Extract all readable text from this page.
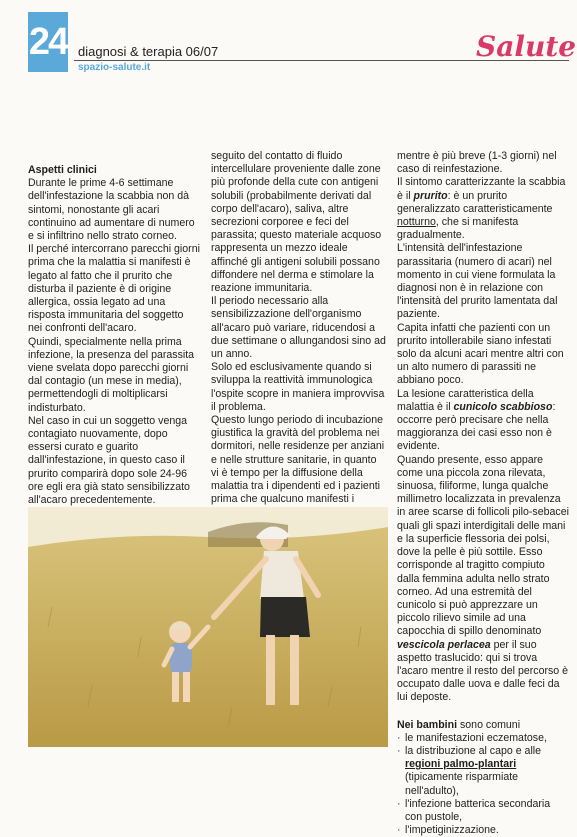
24 diagnosi & terapia 06/07
spazio-salute.it
Salute

Aspetti clinici

Durante le prime 4-6 settimane dell'infestazione la scabbia non dà sintomi, nonostante gli acari continuino ad aumentare di numero e si infiltrino nello strato corneo.

Il perché intercorrano parecchi giorni prima che la malattia si manifesti è legato al fatto che il prurito che disturba il paziente è di origine allergica, ossia legato ad una risposta immunitaria del soggetto nei confronti dell'acaro.

Quindi, specialmente nella prima infezione, la presenza del parassita viene svelata dopo parecchi giorni dal contagio (un mese in media), permettendogli di moltiplicarsi indisturbato.

Nel caso in cui un soggetto venga contagiato nuovamente, dopo essersi curato e guarito dall'infestazione, in questo caso il prurito comparirà dopo sole 24-96 ore egli era già stato sensibilizzato all'acaro precedentemente.

seguito del contatto di fluido intercellulare proveniente dalle zone più profonde della cute con antigeni solubili (probabilmente derivati dal corpo dell'acaro), saliva, altre secrezioni corporee e feci del parassita; questo materiale acquoso rappresenta un mezzo ideale affinché gli antigeni solubili possano diffondere nel derma e stimolare la reazione immunitaria.

Il periodo necessario alla sensibilizzazione dell'organismo all'acaro può variare, riducendosi a due settimane o allungandosi sino ad un anno.

Solo ed esclusivamente quando si sviluppa la reattività immunologica l'ospite scopre in maniera improvvisa il problema.

Questo lungo periodo di incubazione giustifica la gravità del problema nei dormitori, nelle residenze per anziani e nelle strutture sanitarie, in quanto vi è tempo per la diffusione della malattia tra i dipendenti ed i pazienti prima che qualcuno manifesti i

mentre è più breve (1-3 giorni) nel caso di reinfestazione.

Il sintomo caratterizzante la scabbia è il prurito: è un prurito generalizzato caratteristicamente notturno, che si manifesta gradualmente.

L'intensità dell'infestazione parassitaria (numero di acari) nel momento in cui viene formulata la diagnosi non è in relazione con l'intensità del prurito lamentata dal paziente.

Capita infatti che pazienti con un prurito intollerabile siano infestati solo da alcuni acari mentre altri con un alto numero di parassiti ne abbiano poco.

La lesione caratteristica della malattia è il cunicolo scabbioso: occorre però precisare che nella maggioranza dei casi esso non è evidente.

Quando presente, esso appare come una piccola zona rilevata, sinuosa, filiforme, lunga qualche millimetro localizzata in prevalenza in aree scarse di follicoli pilo-sebacei quali gli spazi interdigitali delle mani e la superficie flessoria dei polsi, dove la pelle è più sottile. Esso corrisponde al tragitto compiuto dalla femmina adulta nello strato corneo. Ad una estremità del cunicolo si può apprezzare un piccolo rilievo simile ad una capocchia di spillo denominato vescicola perlacea per il suo aspetto traslucido: qui si trova l'acaro mentre il resto del percorso è occupato dalle uova e dalle feci da lui deposte.

Nei bambini sono comuni

· le manifestazioni eczematose,
· la distribuzione al capo e alle regioni palmo-plantari (tipicamente risparmiate nell'adulto),
· l'infezione batterica secondaria con pustole,
· l'impetiginizzazione.
